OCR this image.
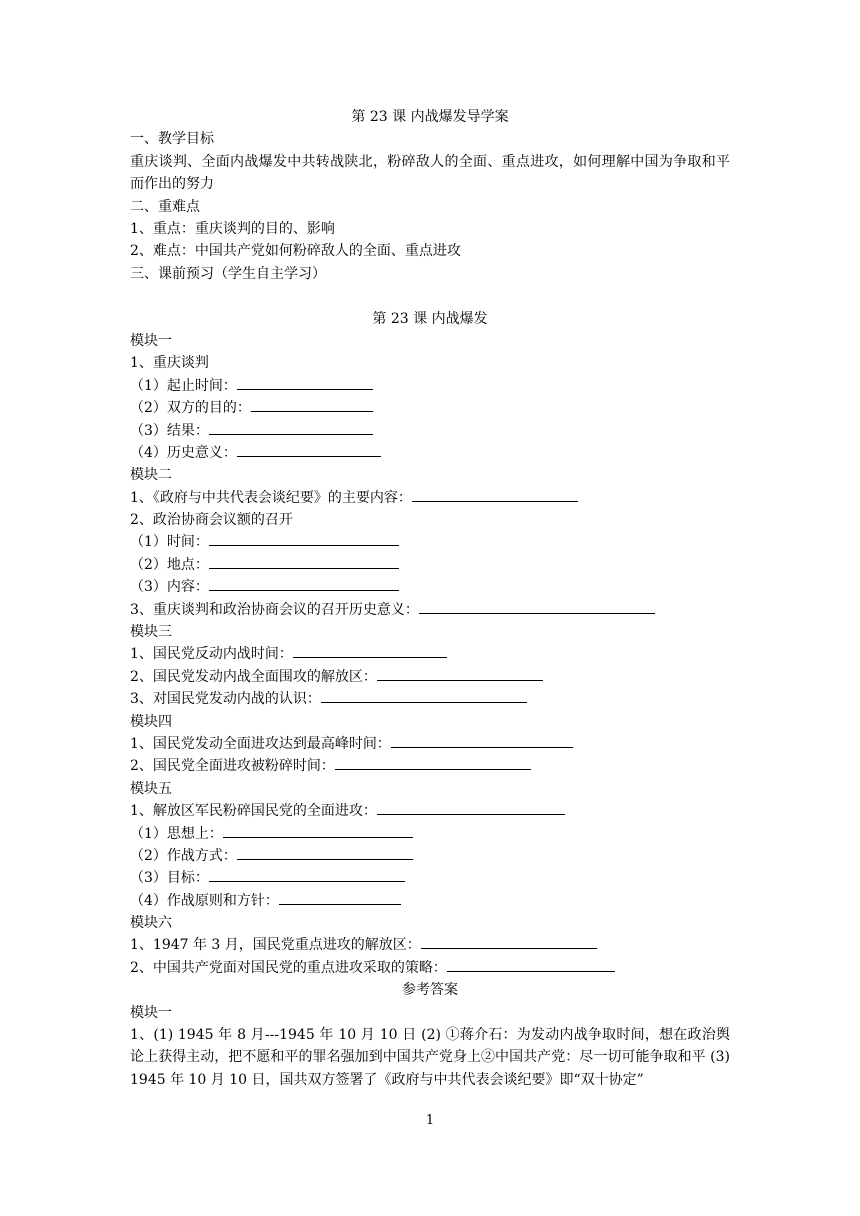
第 23 课 内战爆发导学案
一、教学目标
重庆谈判、全面内战爆发中共转战陕北，粉碎敌人的全面、重点进攻，如何理解中国为争取和平而作出的努力
二、重难点
1、重点：重庆谈判的目的、影响
2、难点：中国共产党如何粉碎敌人的全面、重点进攻
三、课前预习（学生自主学习）
第 23 课 内战爆发
模块一
1、重庆谈判
（1）起止时间：
（2）双方的目的：
（3）结果：
（4）历史意义：
模块二
1、《政府与中共代表会谈纪要》的主要内容：
2、政治协商会议额的召开
（1）时间：
（2）地点：
（3）内容：
3、重庆谈判和政治协商会议的召开历史意义：
模块三
1、国民党反动内战时间：
2、国民党发动内战全面围攻的解放区：
3、对国民党发动内战的认识：
模块四
1、国民党发动全面进攻达到最高峰时间：
2、国民党全面进攻被粉碎时间：
模块五
1、解放区军民粉碎国民党的全面进攻：
（1）思想上：
（2）作战方式：
（3）目标：
（4）作战原则和方针：
模块六
1、1947 年 3 月，国民党重点进攻的解放区：
2、中国共产党面对国民党的重点进攻采取的策略：
参考答案
模块一
1、(1) 1945 年 8 月---1945 年 10 月 10 日 (2) ①蒋介石：为发动内战争取时间，想在政治舆论上获得主动，把不愿和平的罪名强加到中国共产党身上②中国共产党：尽一切可能争取和平 (3) 1945 年 10 月 10 日，国共双方签署了《政府与中共代表会谈纪要》即“双十协定”
1
